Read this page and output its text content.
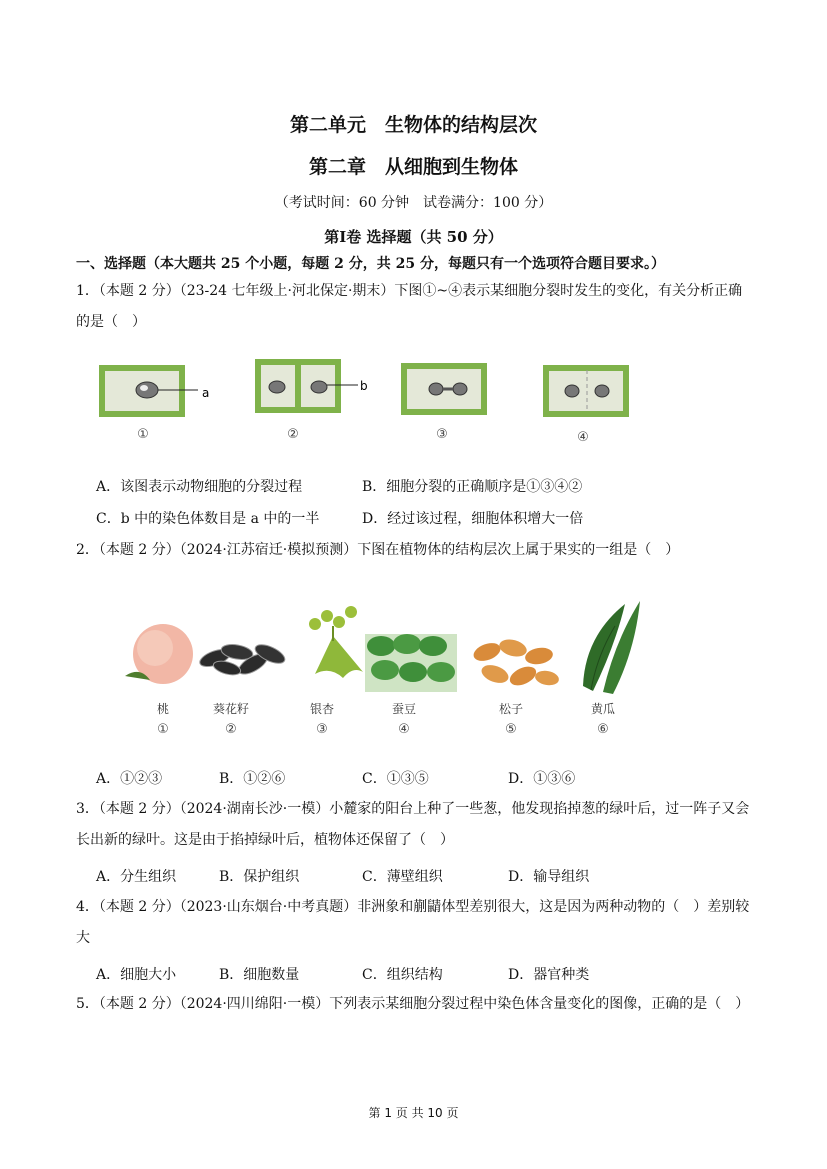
第二单元　生物体的结构层次
第二章　从细胞到生物体
（考试时间：60 分钟　试卷满分：100 分）
第Ⅰ卷 选择题（共 50 分）
一、选择题（本大题共 25 个小题，每题 2 分，共 25 分，每题只有一个选项符合题目要求。）
1．（本题 2 分）（23-24 七年级上·河北保定·期末）下图①~④表示某细胞分裂时发生的变化，有关分析正确的是（　）
a	b
①	②	③	④
A．该图表示动物细胞的分裂过程	B．细胞分裂的正确顺序是①③④②
C．b 中的染色体数目是 a 中的一半	D．经过该过程，细胞体积增大一倍
2．（本题 2 分）（2024·江苏宿迁·模拟预测）下图在植物体的结构层次上属于果实的一组是（　）
桃	葵花籽	银杏	蚕豆	松子	黄瓜
①	②	③	④	⑤	⑥
A．①②③	B．①②⑥	C．①③⑤	D．①③⑥
3．（本题 2 分）（2024·湖南长沙·一模）小麓家的阳台上种了一些葱，他发现掐掉葱的绿叶后，过一阵子又会长出新的绿叶。这是由于掐掉绿叶后，植物体还保留了（　）
A．分生组织	B．保护组织	C．薄壁组织	D．输导组织
4．（本题 2 分）（2023·山东烟台·中考真题）非洲象和蒯鼱体型差别很大，这是因为两种动物的（　）差别较大
A．细胞大小	B．细胞数量	C．组织结构	D．器官种类
5．（本题 2 分）（2024·四川绵阳·一模）下列表示某细胞分裂过程中染色体含量变化的图像，正确的是（　）
第 1 页 共 10 页
